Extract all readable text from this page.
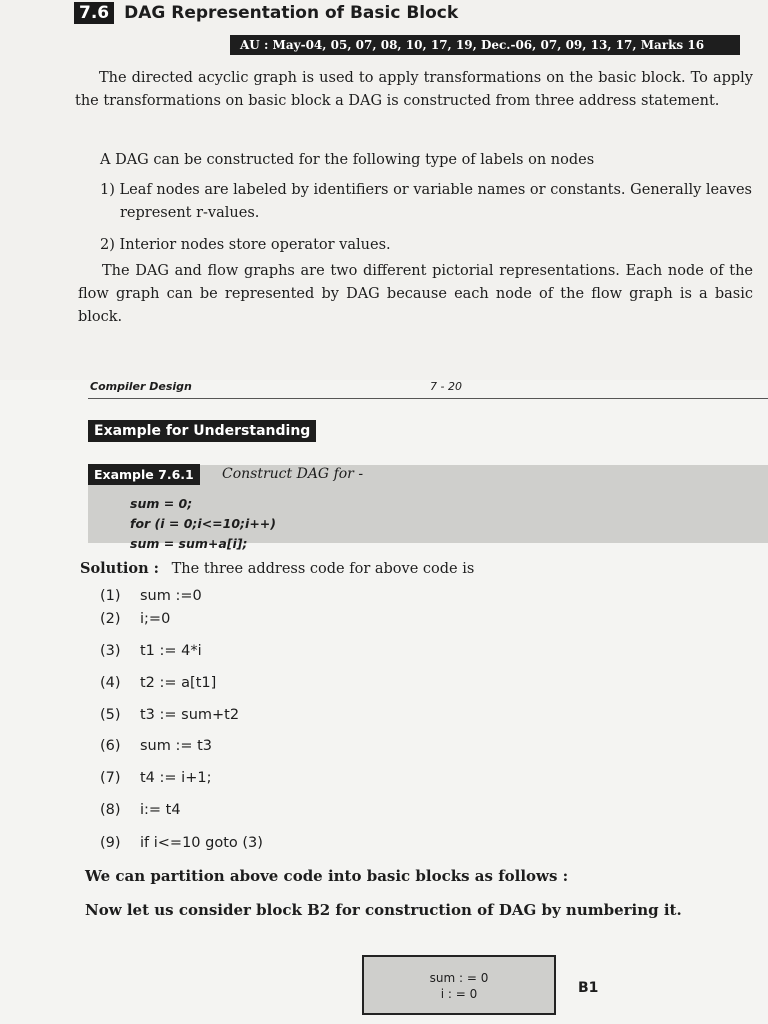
7.6 DAG Representation of Basic Block
AU : May-04, 05, 07, 08, 10, 17, 19, Dec.-06, 07, 09, 13, 17, Marks 16
The directed acyclic graph is used to apply transformations on the basic block. To apply the transformations on basic block a DAG is constructed from three address statement.
A DAG can be constructed for the following type of labels on nodes
1) Leaf nodes are labeled by identifiers or variable names or constants. Generally leaves represent r-values.
2) Interior nodes store operator values.
The DAG and flow graphs are two different pictorial representations. Each node of the flow graph can be represented by DAG because each node of the flow graph is a basic block.
Compiler Design	7 - 20
Example for Understanding
Example 7.6.1	Construct DAG for -
sum = 0;
for (i = 0;i<=10;i++)
sum = sum+a[i];
Solution : The three address code for above code is
(1) sum :=0
(2) i;=0
(3) t1 := 4*i
(4) t2 := a[t1]
(5) t3 := sum+t2
(6) sum := t3
(7) t4 := i+1;
(8) i:= t4
(9) if i<=10 goto (3)
We can partition above code into basic blocks as follows :
Now let us consider block B2 for construction of DAG by numbering it.
sum : = 0
i : = 0	B1
